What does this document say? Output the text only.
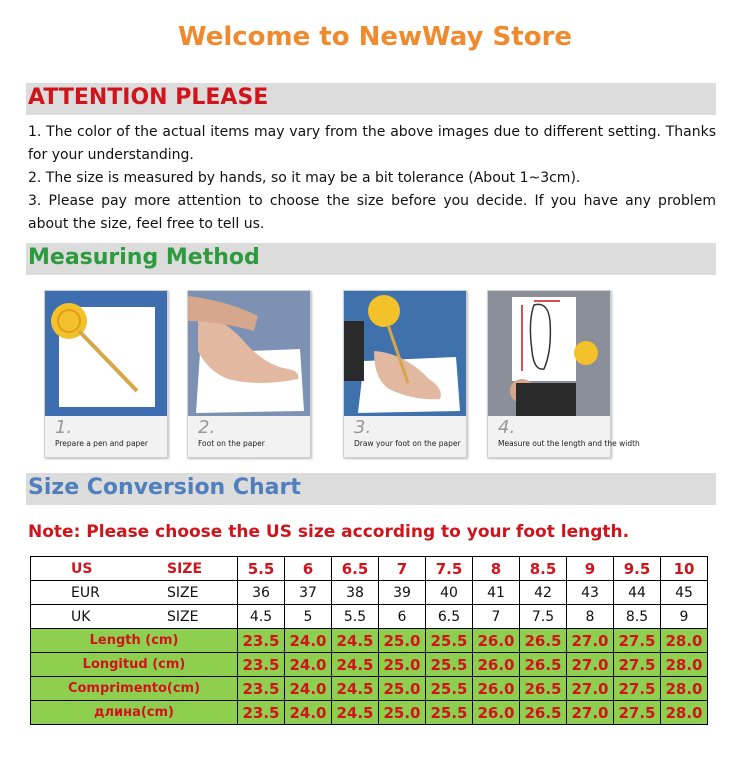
Welcome to NewWay Store
ATTENTION PLEASE

1. The color of the actual items may vary from the above images due to different setting. Thanks for your understanding.

2. The size is measured by hands, so it may be a bit tolerance (About 1~3cm).

3. Please pay more attention to choose the size before you decide. If you have any problem about the size, feel free to tell us.

Measuring Method
1.
Prepare a pen and paper
2.
Foot on the paper
3.
Draw your foot on the paper
4.
Measure out the length and the width
Size Conversion Chart
Note: Please choose the US size according to your foot length.
US SIZE	5.5	6	6.5	7	7.5	8	8.5	9	9.5	10
EUR SIZE	36	37	38	39	40	41	42	43	44	45
UK SIZE	4.5	5	5.5	6	6.5	7	7.5	8	8.5	9
Length (cm)	23.5	24.0	24.5	25.0	25.5	26.0	26.5	27.0	27.5	28.0
Longitud (cm)	23.5	24.0	24.5	25.0	25.5	26.0	26.5	27.0	27.5	28.0
Comprimento(cm)	23.5	24.0	24.5	25.0	25.5	26.0	26.5	27.0	27.5	28.0
длина(cm)	23.5	24.0	24.5	25.0	25.5	26.0	26.5	27.0	27.5	28.0
